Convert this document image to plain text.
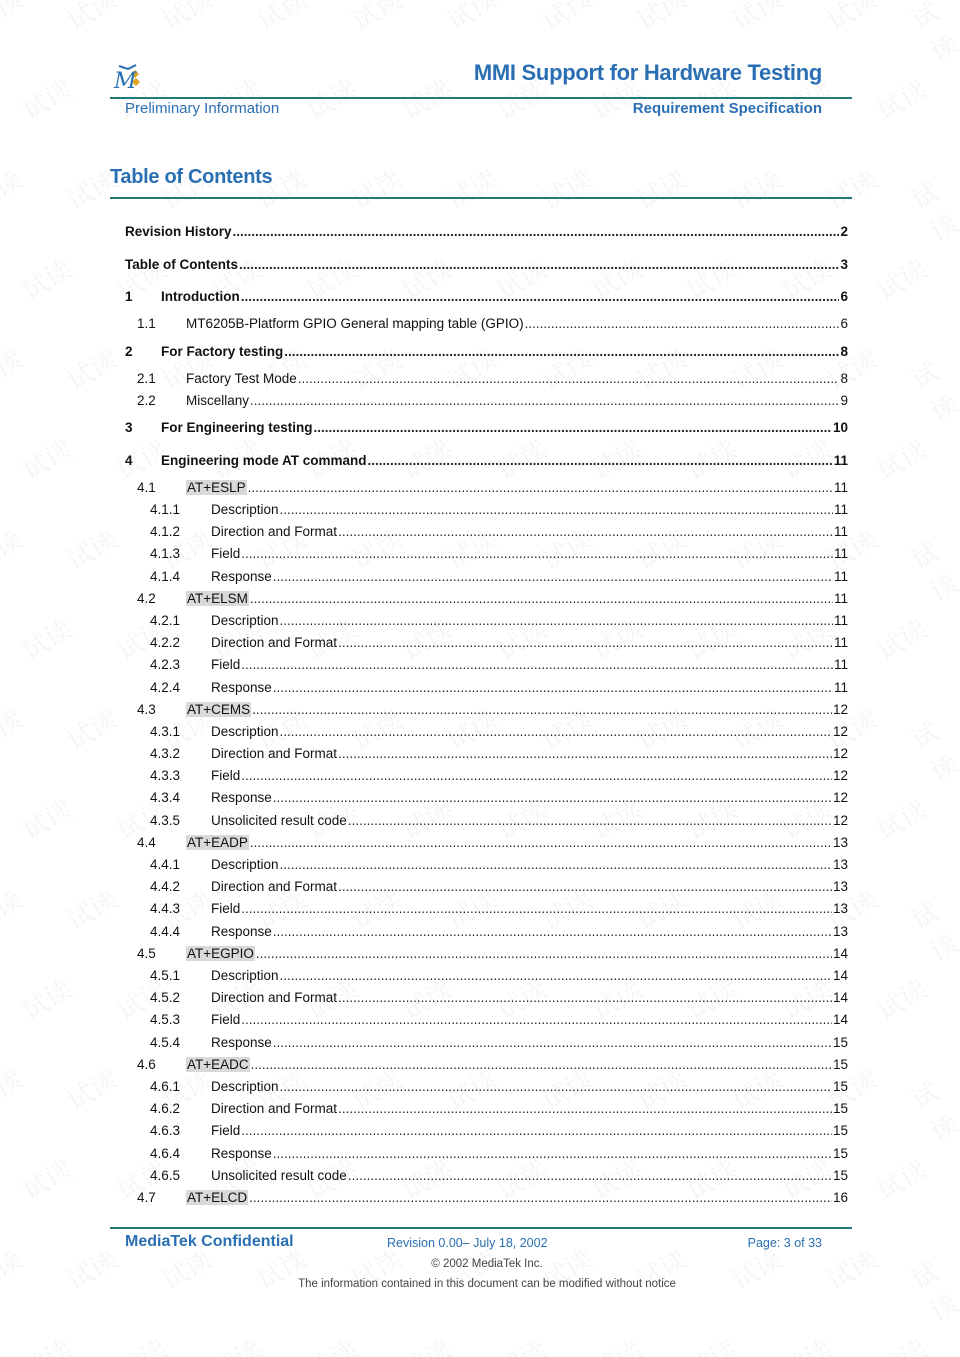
M	MMI Support for Hardware Testing
Preliminary Information	Requirement Specification
Table of Contents
Revision History .....	2
Table of Contents .....	3
1	Introduction .....	6
1.1	MT6205B-Platform GPIO General mapping table (GPIO) .....	6
2	For Factory testing .....	8
2.1	Factory Test Mode .....	8
2.2	Miscellany .....	9
3	For Engineering testing .....	10
4	Engineering mode AT command .....	11
4.1	AT+ESLP .....	11
4.1.1	Description .....	11
4.1.2	Direction and Format .....	11
4.1.3	Field .....	11
4.1.4	Response .....	11
4.2	AT+ELSM .....	11
4.2.1	Description .....	11
4.2.2	Direction and Format .....	11
4.2.3	Field .....	11
4.2.4	Response .....	11
4.3	AT+CEMS .....	12
4.3.1	Description .....	12
4.3.2	Direction and Format .....	12
4.3.3	Field .....	12
4.3.4	Response .....	12
4.3.5	Unsolicited result code .....	12
4.4	AT+EADP .....	13
4.4.1	Description .....	13
4.4.2	Direction and Format .....	13
4.4.3	Field .....	13
4.4.4	Response .....	13
4.5	AT+EGPIO .....	14
4.5.1	Description .....	14
4.5.2	Direction and Format .....	14
4.5.3	Field .....	14
4.5.4	Response .....	15
4.6	AT+EADC .....	15
4.6.1	Description .....	15
4.6.2	Direction and Format .....	15
4.6.3	Field .....	15
4.6.4	Response .....	15
4.6.5	Unsolicited result code .....	15
4.7	AT+ELCD .....	16
MediaTek Confidential	Revision 0.00– July 18, 2002	Page: 3 of 33
© 2002 MediaTek Inc.
The information contained in this document can be modified without notice
